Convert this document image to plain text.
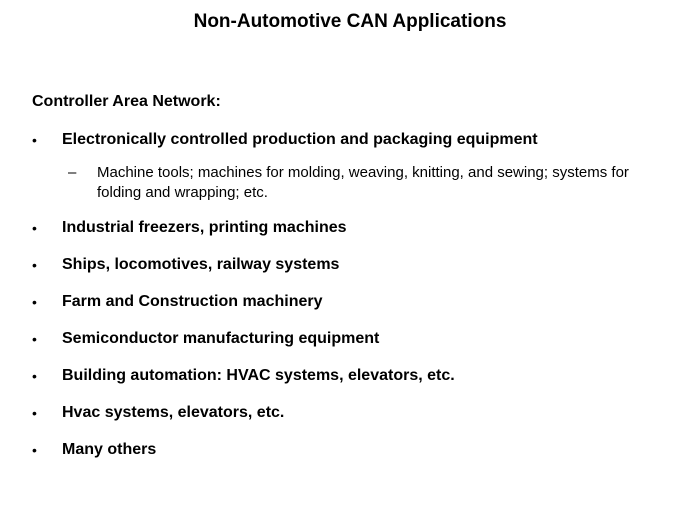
Non-Automotive CAN Applications
Controller Area Network:
•	Electronically controlled production and packaging equipment
– Machine tools; machines for molding, weaving, knitting, and sewing; systems for folding and wrapping; etc.
•	Industrial freezers, printing machines
•	Ships, locomotives, railway systems
•	Farm and Construction machinery
•	Semiconductor manufacturing equipment
•	Building automation: HVAC systems, elevators, etc.
•	Hvac systems, elevators, etc.
•	Many others
